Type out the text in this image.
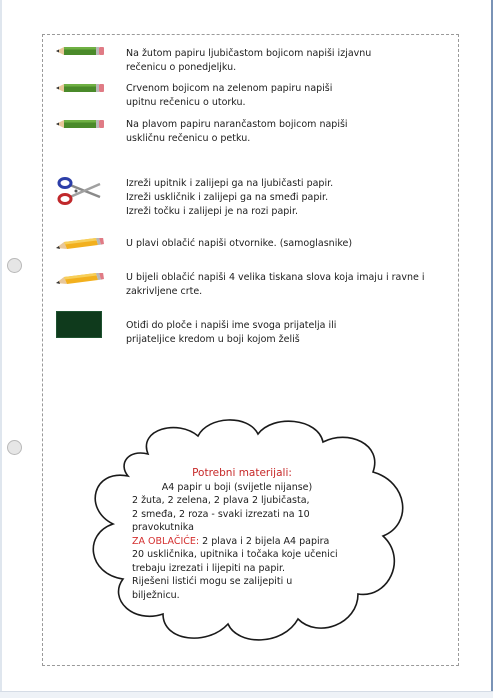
Na žutom papiru ljubičastom bojicom napiši izjavnu
rečenicu o ponedjeljku.
Crvenom bojicom na zelenom papiru napiši
upitnu rečenicu o utorku.
Na plavom papiru narančastom bojicom napiši
uskličnu rečenicu o petku.
Izreži upitnik i zalijepi ga na ljubičasti papir.
Izreži uskličnik i zalijepi ga na smeđi papir.
Izreži točku i zalijepi je na rozi papir.
U plavi oblačić napiši otvornike. (samoglasnike)
U bijeli oblačić napiši 4 velika tiskana slova koja imaju i ravne i
zakrivljene crte.
Otiđi do ploče i napiši ime svoga prijatelja ili
prijateljice kredom u boji kojom želiš
Potrebni materijali:
A4 papir u boji (svijetle nijanse)
2 žuta, 2 zelena, 2 plava 2 ljubičasta,
2 smeđa, 2 roza - svaki izrezati na 10
pravokutnika
ZA OBLAČIĆE: 2 plava i 2 bijela A4 papira
20 uskličnika, upitnika i točaka koje učenici
trebaju izrezati i lijepiti na papir.
Riješeni listići mogu se zalijepiti u bilježnicu.
